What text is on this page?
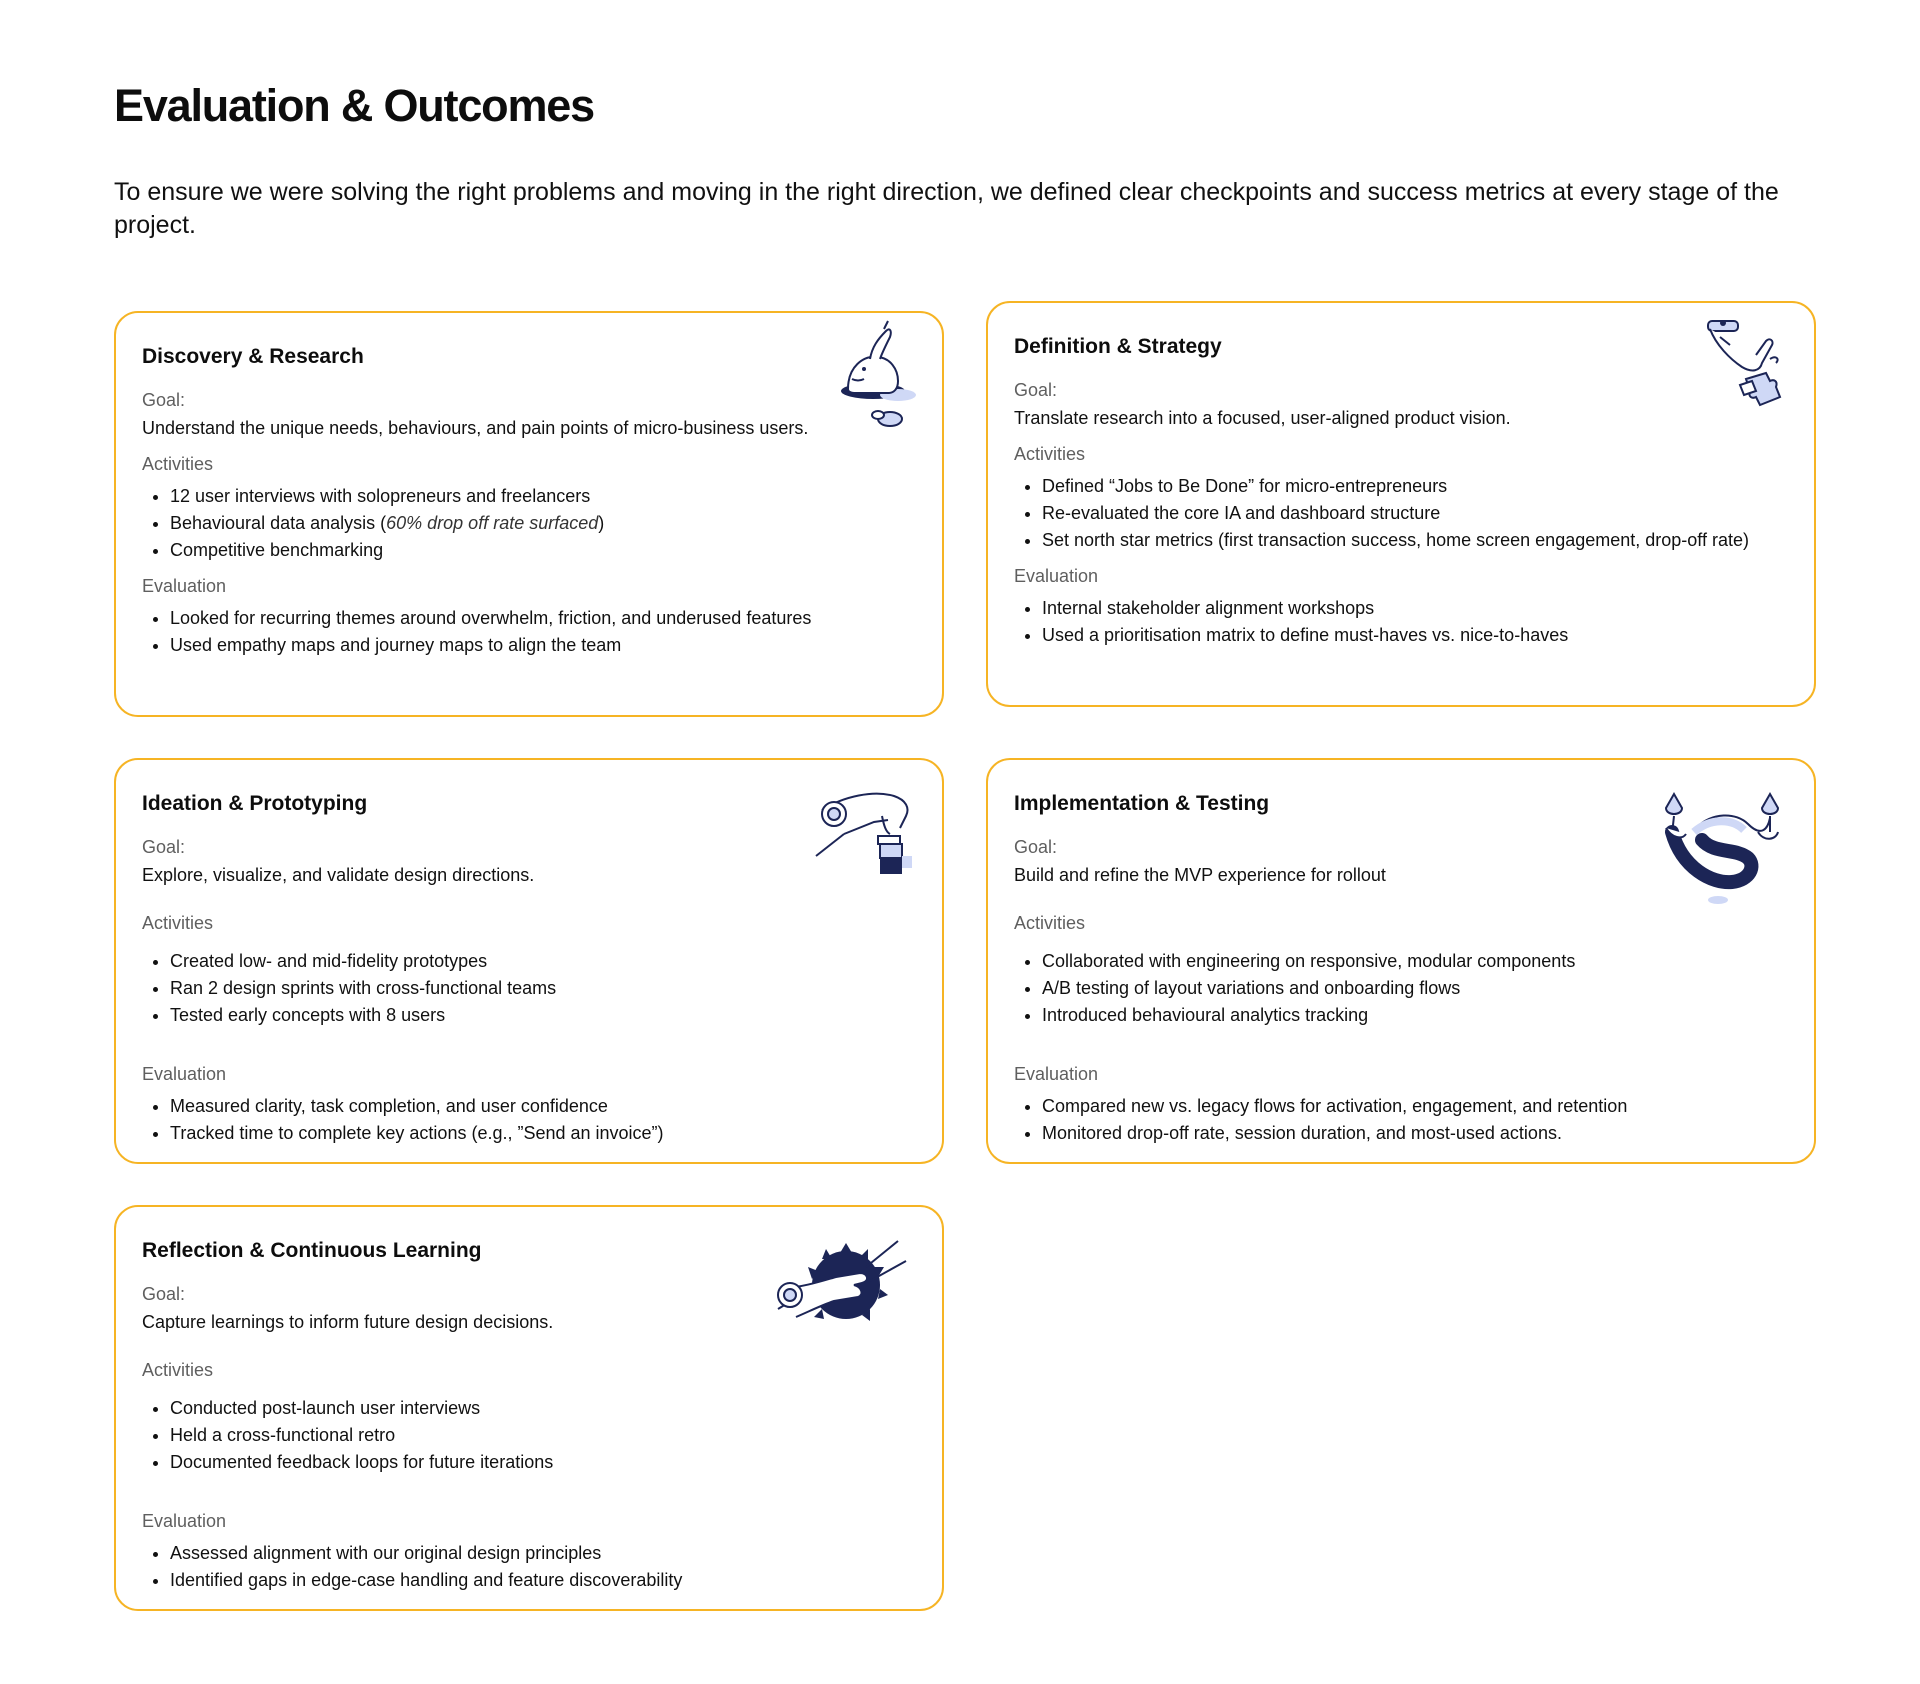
Evaluation & Outcomes

To ensure we were solving the right problems and moving in the right direction, we defined clear checkpoints and success metrics at every stage of the project.

Discovery & Research
Goal:

Understand the unique needs, behaviours, and pain points of micro-business users.

Activities
12 user interviews with solopreneurs and freelancers
Behavioural data analysis (60% drop off rate surfaced)
Competitive benchmarking
Evaluation
Looked for recurring themes around overwhelm, friction, and underused features
Used empathy maps and journey maps to align the team
Definition & Strategy
Goal:

Translate research into a focused, user-aligned product vision.

Activities
Defined “Jobs to Be Done” for micro-entrepreneurs
Re-evaluated the core IA and dashboard structure
Set north star metrics (first transaction success, home screen engagement, drop-off rate)
Evaluation
Internal stakeholder alignment workshops
Used a prioritisation matrix to define must-haves vs. nice-to-haves
Ideation & Prototyping
Goal:

Explore, visualize, and validate design directions.

Activities
Created low- and mid-fidelity prototypes
Ran 2 design sprints with cross-functional teams
Tested early concepts with 8 users
Evaluation
Measured clarity, task completion, and user confidence
Tracked time to complete key actions (e.g., ”Send an invoice”)
Implementation & Testing
Goal:

Build and refine the MVP experience for rollout

Activities
Collaborated with engineering on responsive, modular components
A/B testing of layout variations and onboarding flows
Introduced behavioural analytics tracking
Evaluation
Compared new vs. legacy flows for activation, engagement, and retention
Monitored drop-off rate, session duration, and most-used actions.
Reflection & Continuous Learning
Goal:

Capture learnings to inform future design decisions.

Activities
Conducted post-launch user interviews
Held a cross-functional retro
Documented feedback loops for future iterations
Evaluation
Assessed alignment with our original design principles
Identified gaps in edge-case handling and feature discoverability
